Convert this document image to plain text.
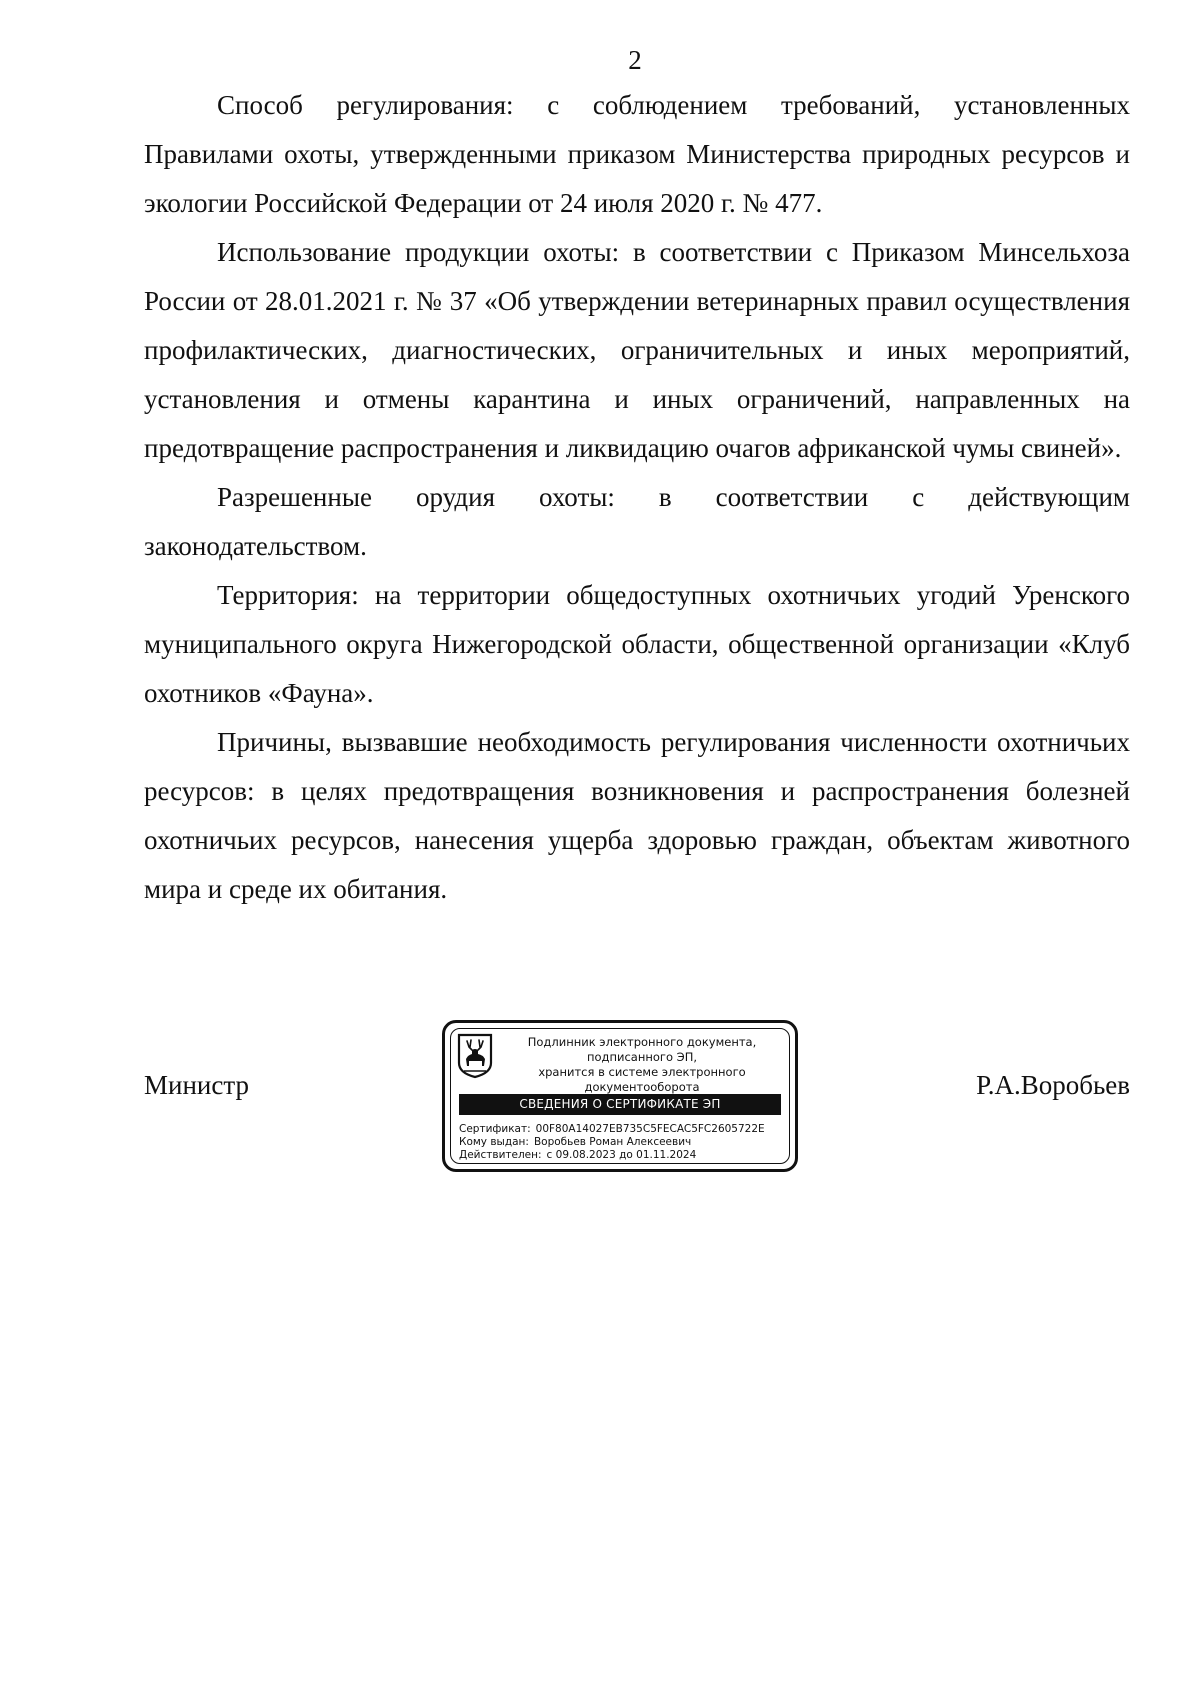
2

Способ регулирования: с соблюдением требований, установленных Правилами охоты, утвержденными приказом Министерства природных ресурсов и экологии Российской Федерации от 24 июля 2020 г. № 477.

Использование продукции охоты: в соответствии с Приказом Минсельхоза России от 28.01.2021 г. № 37 «Об утверждении ветеринарных правил осуществления профилактических, диагностических, ограничительных и иных мероприятий, установления и отмены карантина и иных ограничений, направленных на предотвращение распространения и ликвидацию очагов африканской чумы свиней».

Разрешенные орудия охоты: в соответствии с действующим законодательством.

Территория: на территории общедоступных охотничьих угодий Уренского муниципального округа Нижегородской области, общественной организации «Клуб охотников «Фауна».

Причины, вызвавшие необходимость регулирования численности охотничьих ресурсов: в целях предотвращения возникновения и распространения болезней охотничьих ресурсов, нанесения ущерба здоровью граждан, объектам животного мира и среде их обитания.

Министр
Подлинник электронного документа, подписанного ЭП,
хранится в системе электронного документооборота
СВЕДЕНИЯ О СЕРТИФИКАТЕ ЭП
Сертификат: 00F80A14027EB735C5FECAC5FC2605722E
Кому выдан: Воробьев Роман Алексеевич
Действителен: с 09.08.2023 до 01.11.2024
Р.А.Воробьев
